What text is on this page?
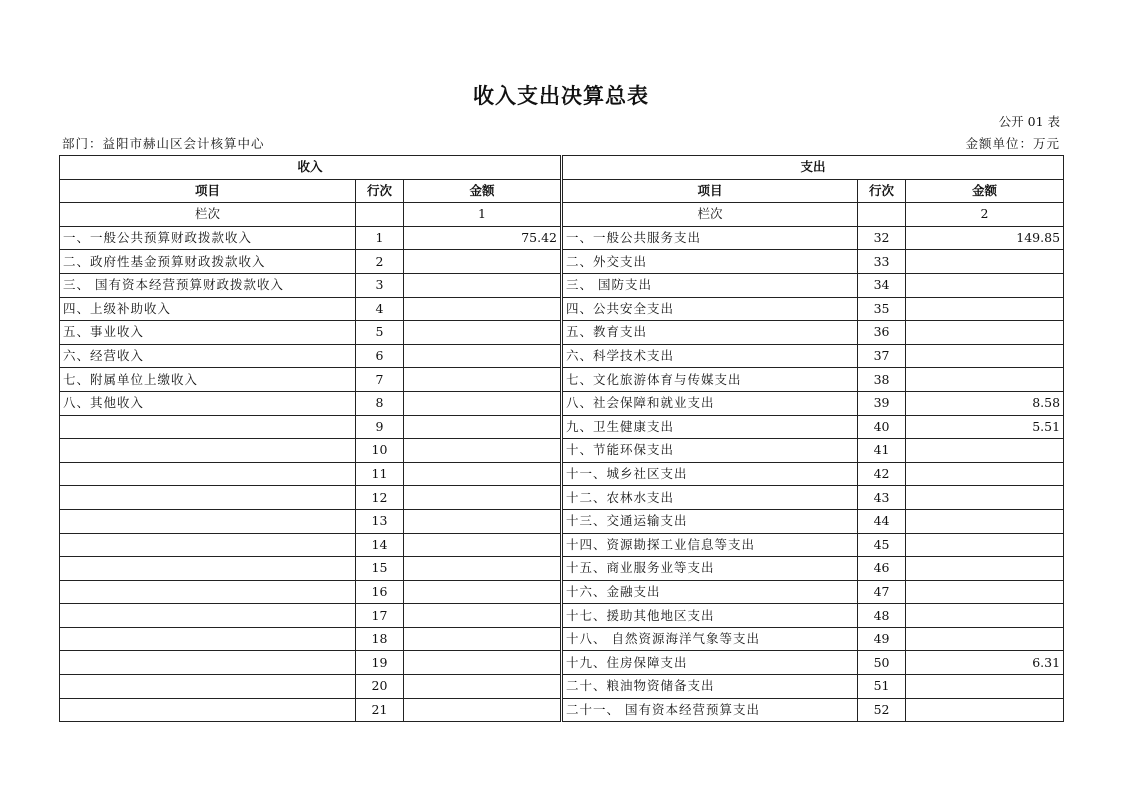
收入支出决算总表
公开 01 表
部门：益阳市赫山区会计核算中心	金额单位：万元
收入			支出		
项目	行次	金额	项目	行次	金额
栏次		1	栏次		2
一、一般公共预算财政拨款收入	1	75.42	一、一般公共服务支出	32	149.85
二、政府性基金预算财政拨款收入	2		二、外交支出	33	
三、 国有资本经营预算财政拨款收入	3		三、 国防支出	34	
四、上级补助收入	4		四、公共安全支出	35	
五、事业收入	5		五、教育支出	36	
六、经营收入	6		六、科学技术支出	37	
七、附属单位上缴收入	7		七、文化旅游体育与传媒支出	38	
八、其他收入	8		八、社会保障和就业支出	39	8.58
	9		九、卫生健康支出	40	5.51
	10		十、节能环保支出	41	
	11		十一、城乡社区支出	42	
	12		十二、农林水支出	43	
	13		十三、交通运输支出	44	
	14		十四、资源勘探工业信息等支出	45	
	15		十五、商业服务业等支出	46	
	16		十六、金融支出	47	
	17		十七、援助其他地区支出	48	
	18		十八、 自然资源海洋气象等支出	49	
	19		十九、住房保障支出	50	6.31
	20		二十、粮油物资储备支出	51	
	21		二十一、 国有资本经营预算支出	52	
